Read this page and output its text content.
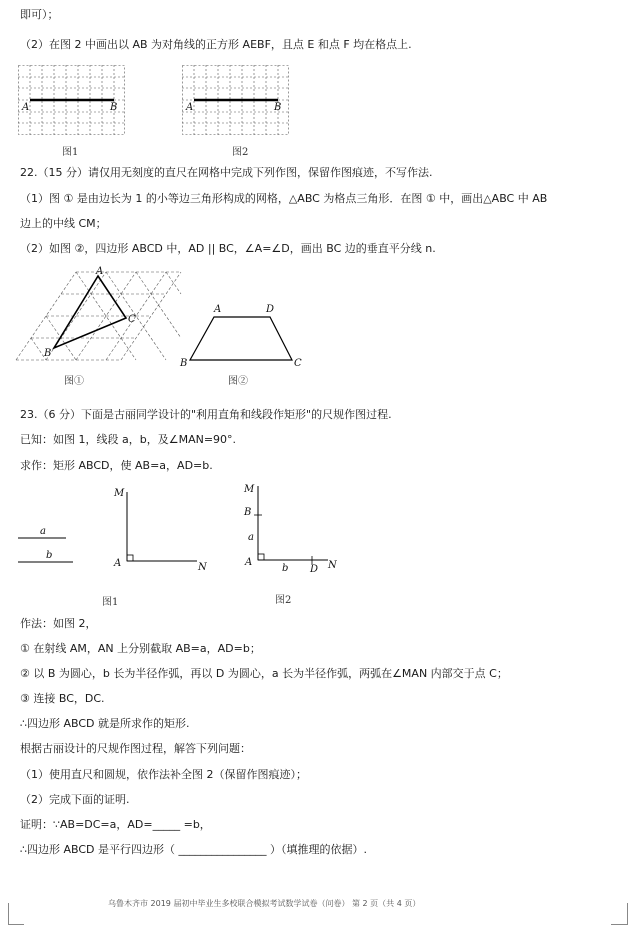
即可）；
（2）在图 2 中画出以 AB 为对角线的正方形 AEBF，且点 E 和点 F 均在格点上.
A	B
图1
A	B
图2
22.（15 分）请仅用无刻度的直尺在网格中完成下列作图，保留作图痕迹，不写作法.
（1）图 ① 是由边长为 1 的小等边三角形构成的网格，△ABC 为格点三角形．在图 ① 中，画出△ABC 中 AB
边上的中线 CM；
（2）如图 ②，四边形 ABCD 中，AD || BC，∠A=∠D，画出 BC 边的垂直平分线 n.
A
B
C
图①
A	D
B	C
图②
23.（6 分）下面是古丽同学设计的"利用直角和线段作矩形"的尺规作图过程.
已知：如图 1，线段 a，b，及∠MAN=90°.
求作：矩形 ABCD，使 AB=a，AD=b.
a
b
M
A	N
图1
M
B
a
A
b D N
图2
作法：如图 2，
① 在射线 AM，AN 上分别截取 AB=a，AD=b；
② 以 B 为圆心，b 长为半径作弧，再以 D 为圆心，a 长为半径作弧，两弧在∠MAN 内部交于点 C；
③ 连接 BC，DC.
∴四边形 ABCD 就是所求作的矩形.
根据古丽设计的尺规作图过程，解答下列问题：
（1）使用直尺和圆规，依作法补全图 2（保留作图痕迹）；
（2）完成下面的证明.
证明：∵AB=DC=a，AD=_____ =b，
∴四边形 ABCD 是平行四边形（ ________________ ）（填推理的依据）.
乌鲁木齐市 2019 届初中毕业生多校联合模拟考试数学试卷（问卷） 第 2 页（共 4 页）
